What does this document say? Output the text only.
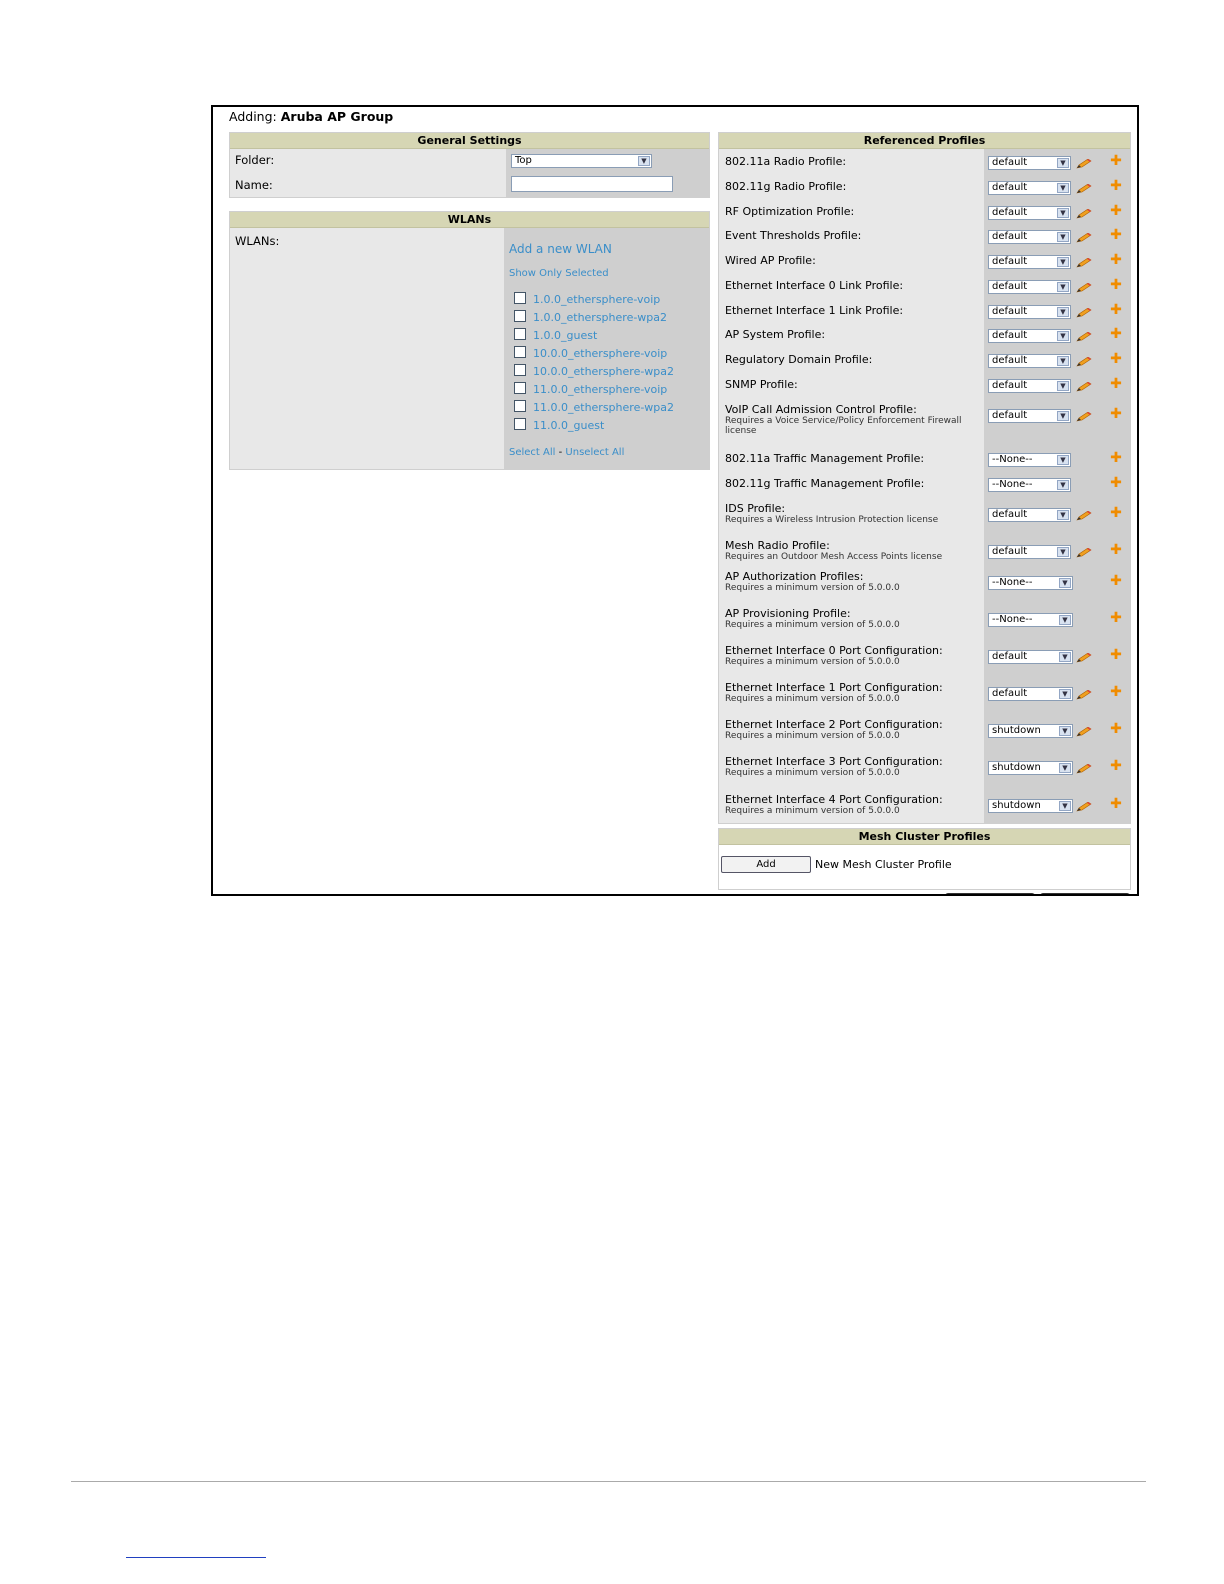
Adding: Aruba AP Group
General Settings
Folder:	Top	▼
Name:
WLANs
WLANs:
Add a new WLAN
Show Only Selected
1.0.0_ethersphere-voip
1.0.0_ethersphere-wpa2
1.0.0_guest
10.0.0_ethersphere-voip
10.0.0_ethersphere-wpa2
11.0.0_ethersphere-voip
11.0.0_ethersphere-wpa2
11.0.0_guest
Select All - Unselect All
Referenced Profiles
802.11a Radio Profile:	default	▼	✚
802.11g Radio Profile:	default	▼	✚
RF Optimization Profile:	default	▼	✚
Event Thresholds Profile:	default	▼	✚
Wired AP Profile:	default	▼	✚
Ethernet Interface 0 Link Profile:	default	▼	✚
Ethernet Interface 1 Link Profile:	default	▼	✚
AP System Profile:	default	▼	✚
Regulatory Domain Profile:	default	▼	✚
SNMP Profile:	default	▼	✚
VoIP Call Admission Control Profile:
Requires a Voice Service/Policy Enforcement Firewall license
default	▼	✚
802.11a Traffic Management Profile:	--None--	▼	✚
802.11g Traffic Management Profile:	--None--	▼	✚
IDS Profile:
Requires a Wireless Intrusion Protection license	default	▼	✚
Mesh Radio Profile:
Requires an Outdoor Mesh Access Points license	default	▼	✚
AP Authorization Profiles:
Requires a minimum version of 5.0.0.0	--None--	▼	✚
AP Provisioning Profile:
Requires a minimum version of 5.0.0.0	--None--	▼	✚
Ethernet Interface 0 Port Configuration:
Requires a minimum version of 5.0.0.0	default	▼	✚
Ethernet Interface 1 Port Configuration:
Requires a minimum version of 5.0.0.0	default	▼	✚
Ethernet Interface 2 Port Configuration:
Requires a minimum version of 5.0.0.0	shutdown	▼	✚
Ethernet Interface 3 Port Configuration:
Requires a minimum version of 5.0.0.0	shutdown	▼	✚
Ethernet Interface 4 Port Configuration:
Requires a minimum version of 5.0.0.0	shutdown	▼	✚
Mesh Cluster Profiles
Add	New Mesh Cluster Profile
